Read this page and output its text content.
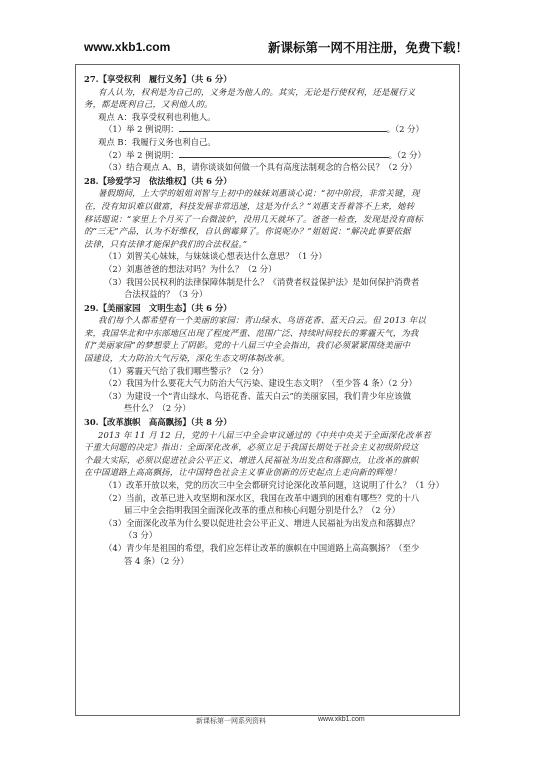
www.xkb1.com	新课标第一网不用注册，免费下载！
27.【享受权利　履行义务】（共 6 分）
有人认为，权利是为自己的，义务是为他人的。其实，无论是行使权利，还是履行义
务，都是既利自己，又利他人的。
观点 A：我享受权利也利他人。
（1）举 2 例说明：	。（2 分）
观点 B：我履行义务也利自己。
（2）举 2 例说明：	。（2 分）
（3）结合观点 A、B，请你谈谈如何做一个具有高度法制观念的合格公民？（2 分）
28.【珍爱学习　依法维权】（共 6 分）
暑假期间，上大学的姐姐刘智与上初中的妹妹刘惠谈心说：“初中阶段，非常关键，现
在，没有知识难以做富，科技发展非常迅速，这是为什么？”刘惠支吾着答不上来，她转
移话题说：“家里上个月买了一台微波炉，没用几天就坏了。爸爸一检查，发现是没有商标
的“三无”产品，认为不好维权，自认倒霉算了。你说呢办？”姐姐说：“解决此事要依据
法律，只有法律才能保护我们的合法权益。”
（1）刘智关心妹妹，与妹妹谈心想表达什么意思？（1 分）
（2）刘惠爸爸的想法对吗？为什么？（2 分）
（3）我国公民权利的法律保障体制是什么？《消费者权益保护法》是如何保护消费者
合法权益的？（3 分）
29.【美丽家园　文明生态】（共 6 分）
我们每个人都希望有一个美丽的家园：青山绿水、鸟语花香、蓝天白云。但 2013 年以
来，我国华北和中东部地区出现了程度严重、范围广泛、持续时间较长的雾霾天气，为我
们“美丽家园”的梦想蒙上了阴影。党的十八届三中全会指出，我们必须紧紧围绕美丽中
国建设，大力防治大气污染，深化生态文明体制改革。
（1）雾霾天气给了我们哪些警示？（2 分）
（2）我国为什么要花大气力防治大气污染、建设生态文明？（至少答 4 条）（2 分）
（3）为建设一个“青山绿水、鸟语花香、蓝天白云”的美丽家园，我们青少年应该做
些什么？（2 分）
30.【改革旗帜　高高飘扬】（共 8 分）
2013 年 11 月 12 日，党的十八届三中全会审议通过的《中共中央关于全面深化改革若
干重大问题的决定》指出：全面深化改革，必须立足于我国长期处于社会主义初级阶段这
个最大实际，必须以促进社会公平正义、增进人民福祉为出发点和落脚点，让改革的旗帜
在中国道路上高高飘扬，让中国特色社会主义事业创新的历史起点上走向新的辉煌！
（1）改革开放以来，党的历次三中全会都研究讨论深化改革问题，这说明了什么？（1 分）
（2）当前，改革已进入攻坚期和深水区，我国在改革中遇到的困难有哪些？党的十八
届三中全会指明我国全面深化改革的重点和核心问题分别是什么？（2 分）
（3）全面深化改革为什么要以促进社会公平正义、增进人民福祉为出发点和落脚点？
（3 分）
（4）青少年是祖国的希望，我们应怎样让改革的旗帜在中国道路上高高飘扬？（至少
答 4 条）（2 分）
新课标第一网系列资料	www.xkb1.com
